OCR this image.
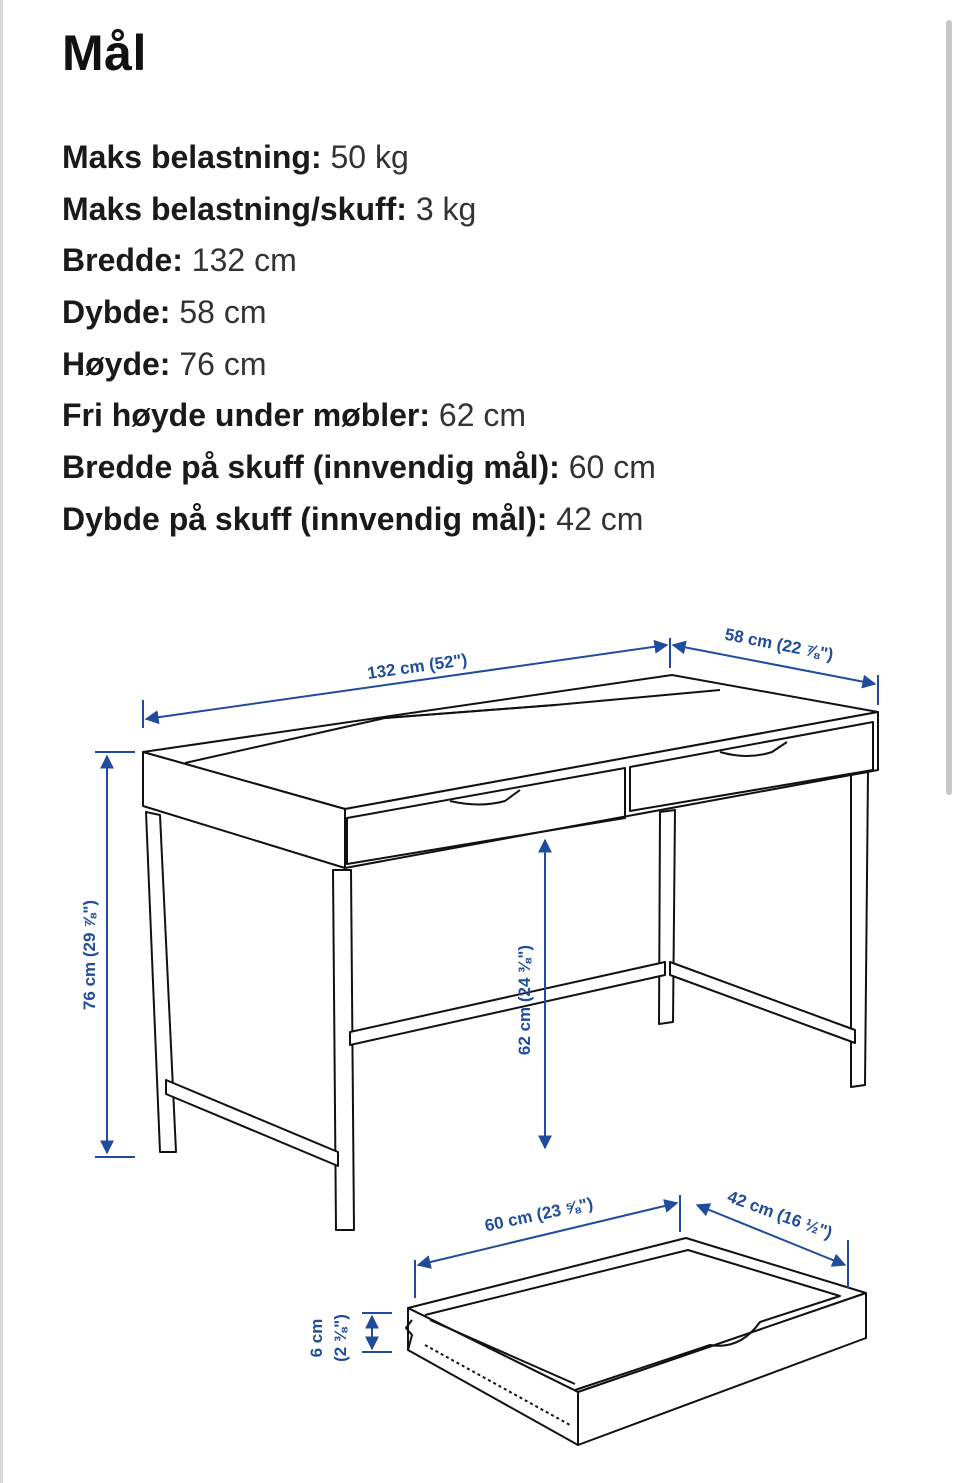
Mål
Maks belastning: 50 kg
Maks belastning/skuff: 3 kg
Bredde: 132 cm
Dybde: 58 cm
Høyde: 76 cm
Fri høyde under møbler: 62 cm
Bredde på skuff (innvendig mål): 60 cm
Dybde på skuff (innvendig mål): 42 cm
132 cm (52")
58 cm (22 ⅞")
76 cm (29 ⅞")	62 cm (24 ⅜")
60 cm (23 ⅝")	42 cm (16 ½")
6 cm (2 ⅜")
